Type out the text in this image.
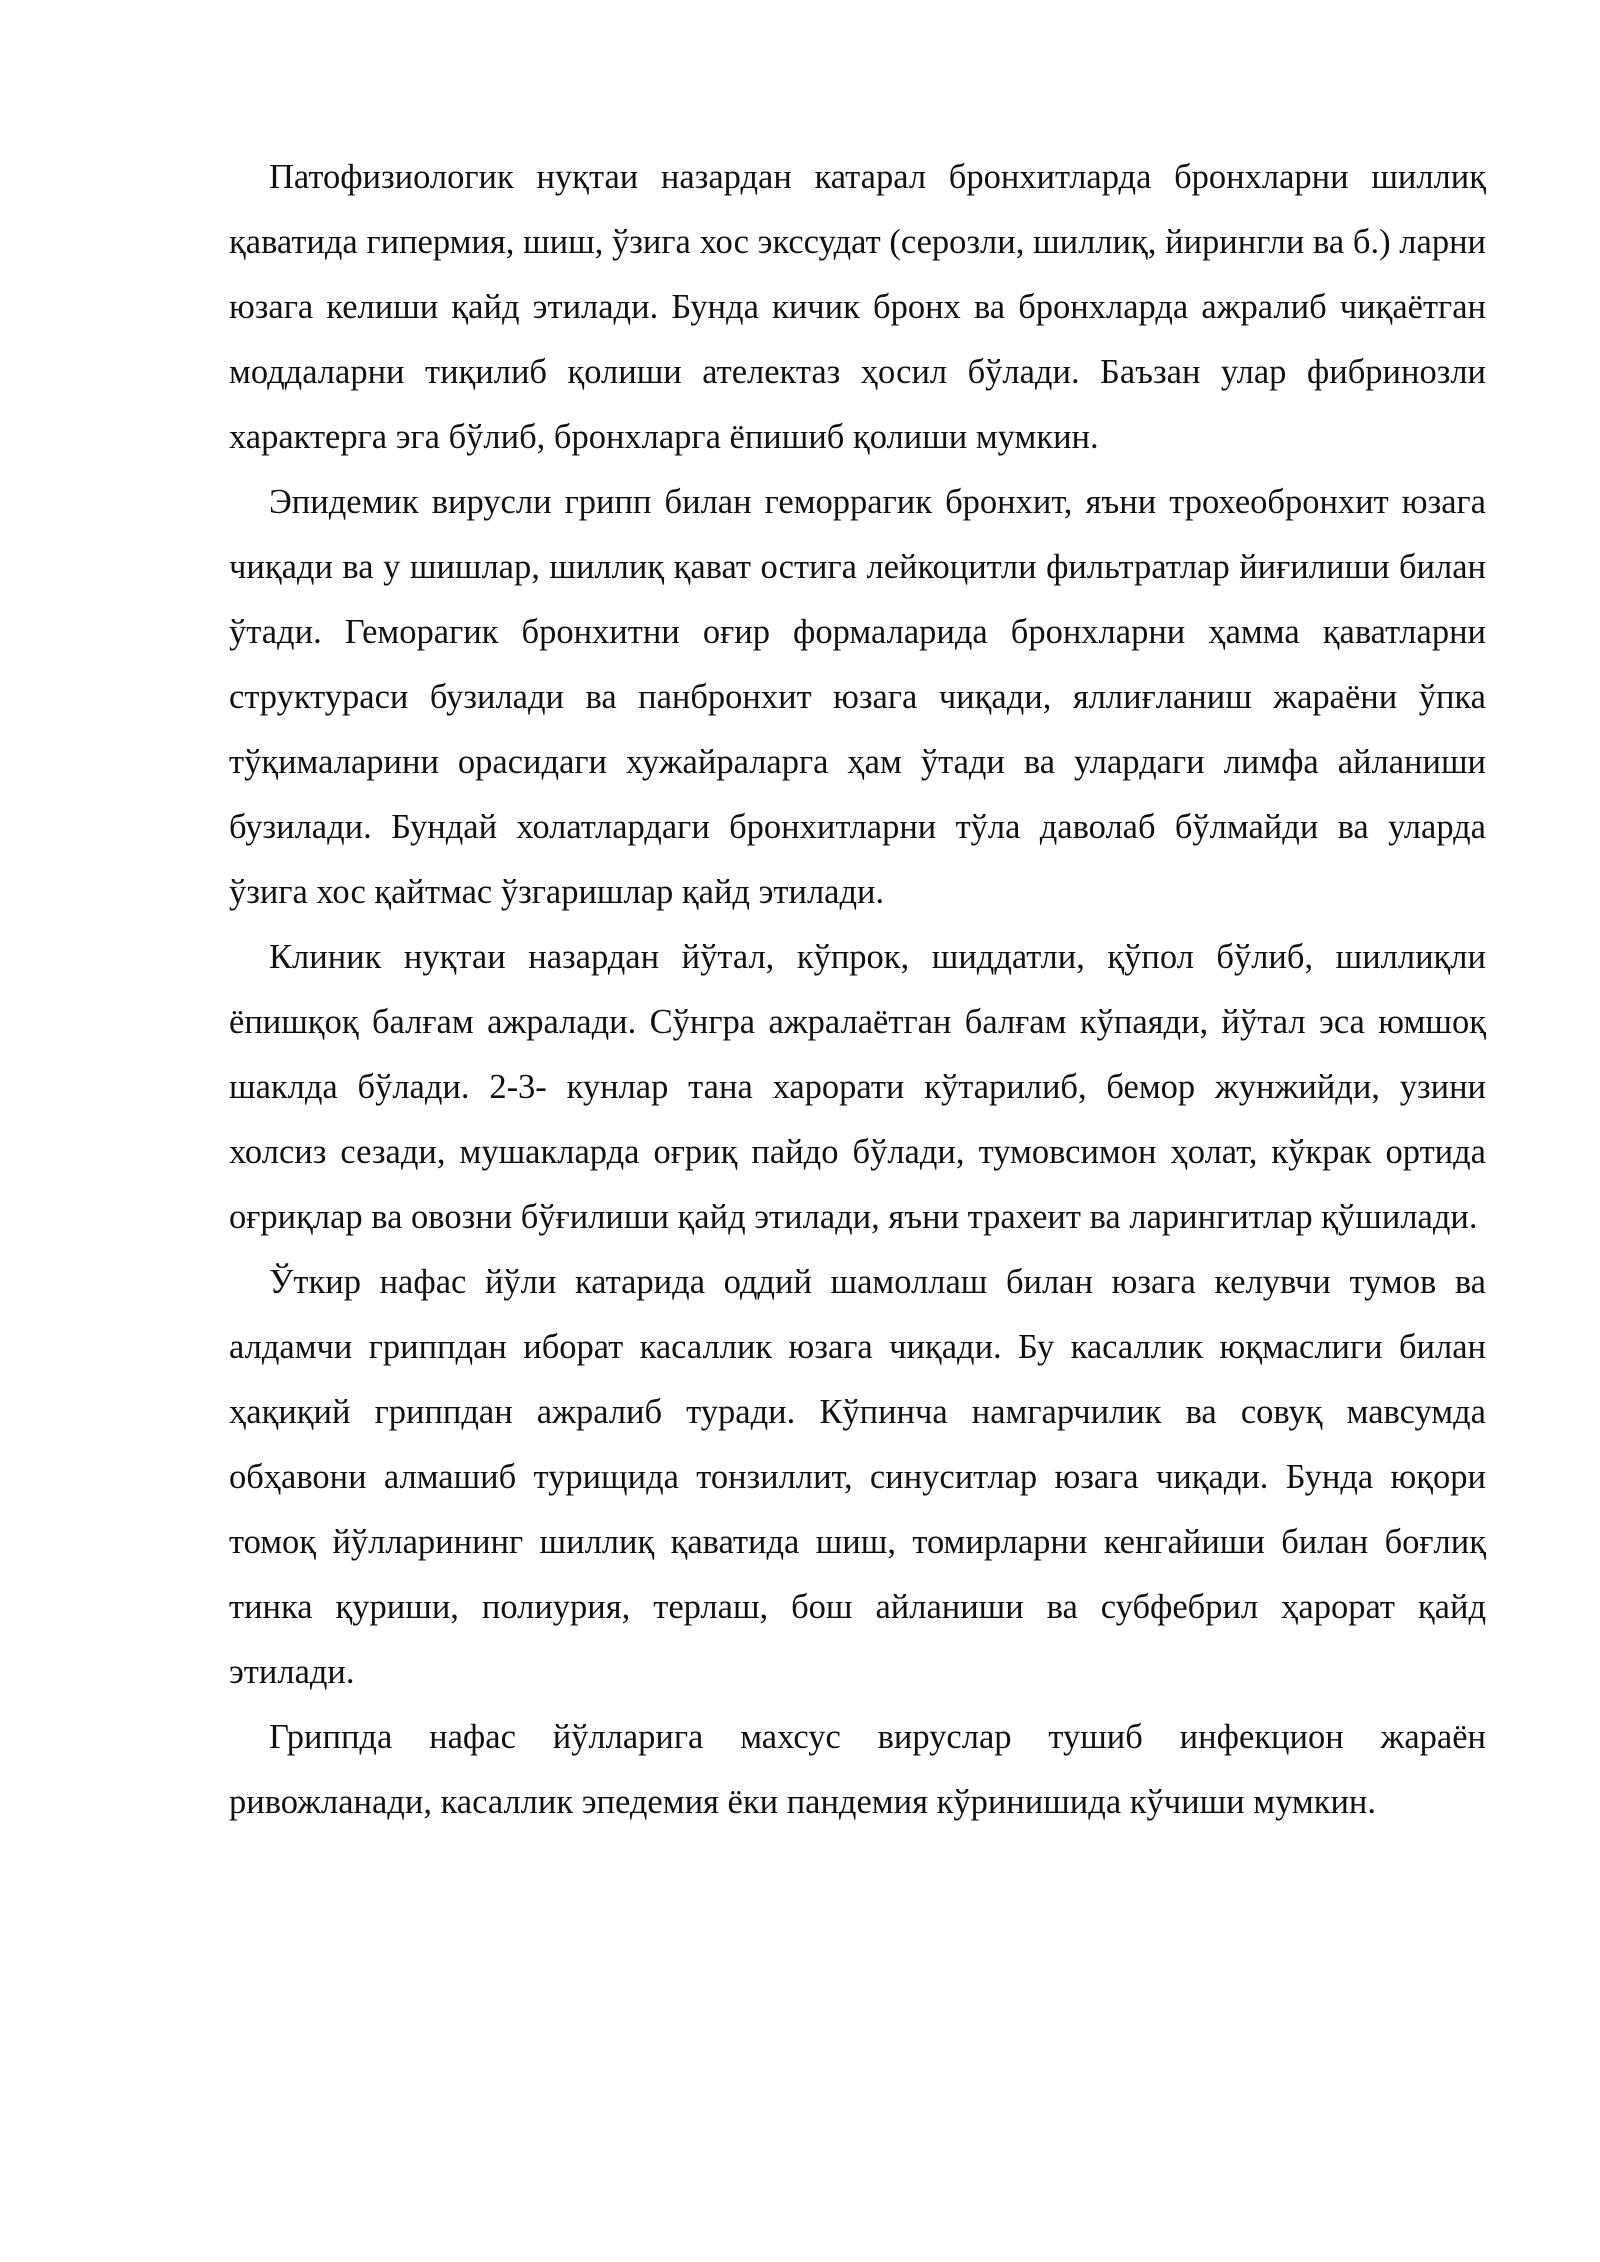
Патофизиологик нуқтаи назардан катарал бронхитларда бронхларни шиллиқ қаватида гипермия, шиш, ўзига хос экссудат (серозли, шиллиқ, йирингли ва б.) ларни юзага келиши қайд этилади. Бунда кичик бронх ва бронхларда ажралиб чиқаётган моддаларни тиқилиб қолиши ателектаз ҳосил бўлади. Баъзан улар фибринозли характерга эга бўлиб, бронхларга ёпишиб қолиши мумкин.

Эпидемик вирусли грипп билан геморрагик бронхит, яъни трохеобронхит юзага чиқади ва у шишлар, шиллиқ қават остига лейкоцитли фильтратлар йиғилиши билан ўтади. Геморагик бронхитни оғир формаларида бронхларни ҳамма қаватларни структураси бузилади ва панбронхит юзага чиқади, яллиғланиш жараёни ўпка тўқималарини орасидаги хужайраларга ҳам ўтади ва улардаги лимфа айланиши бузилади. Бундай холатлардаги бронхитларни тўла даволаб бўлмайди ва уларда ўзига хос қайтмас ўзгаришлар қайд этилади.

Клиник нуқтаи назардан йўтал, кўпрок, шиддатли, қўпол бўлиб, шиллиқли ёпишқоқ балғам ажралади. Сўнгра ажралаётган балғам кўпаяди, йўтал эса юмшоқ шаклда бўлади. 2-3- кунлар тана харорати кўтарилиб, бемор жунжийди, узини холсиз сезади, мушакларда оғриқ пайдо бўлади, тумовсимон ҳолат, кўкрак ортида оғриқлар ва овозни бўғилиши қайд этилади, яъни трахеит ва ларингитлар қўшилади.

Ўткир нафас йўли катарида оддий шамоллаш билан юзага келувчи тумов ва алдамчи гриппдан иборат касаллик юзага чиқади. Бу касаллик юқмаслиги билан ҳақиқий гриппдан ажралиб туради. Кўпинча намгарчилик ва совуқ мавсумда обҳавони алмашиб турищида тонзиллит, синуситлар юзага чиқади. Бунда юқори томоқ йўлларининг шиллиқ қаватида шиш, томирларни кенгайиши билан боғлиқ тинка қуриши, полиурия, терлаш, бош айланиши ва субфебрил ҳарорат қайд этилади.

Гриппда нафас йўлларига махсус вируслар тушиб инфекцион жараён ривожланади, касаллик эпедемия ёки пандемия кўринишида кўчиши мумкин.
